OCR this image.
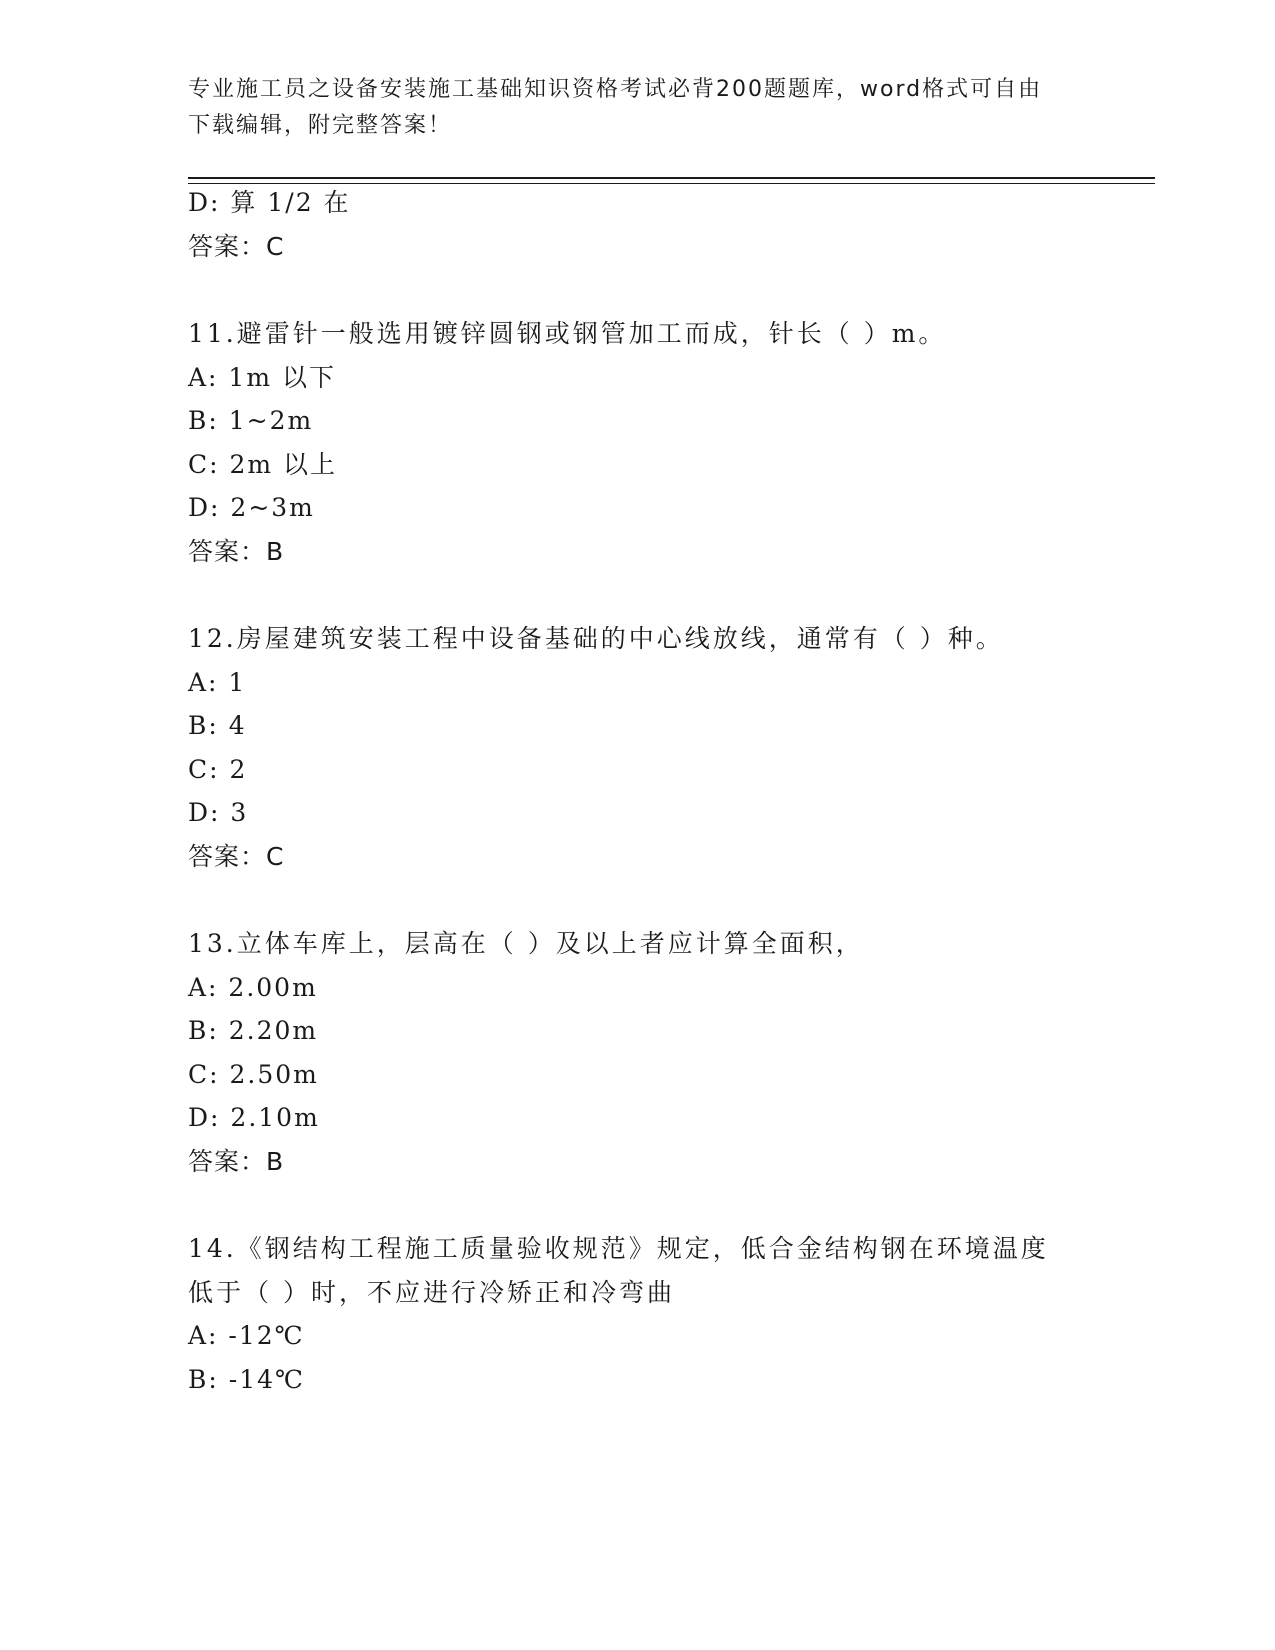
专业施工员之设备安装施工基础知识资格考试必背200题题库，word格式可自由
下载编辑，附完整答案！
D: 算 1/2 在
答案：C
11.避雷针一般选用镀锌圆钢或钢管加工而成，针长（ ）m。
A: 1m 以下
B: 1~2m
C: 2m 以上
D: 2~3m
答案：B
12.房屋建筑安装工程中设备基础的中心线放线，通常有（ ）种。
A: 1
B: 4
C: 2
D: 3
答案：C
13.立体车库上，层高在（ ）及以上者应计算全面积，
A: 2.00m
B: 2.20m
C: 2.50m
D: 2.10m
答案：B
14.《钢结构工程施工质量验收规范》规定，低合金结构钢在环境温度
低于（ ）时，不应进行冷矫正和冷弯曲
A: -12℃
B: -14℃
